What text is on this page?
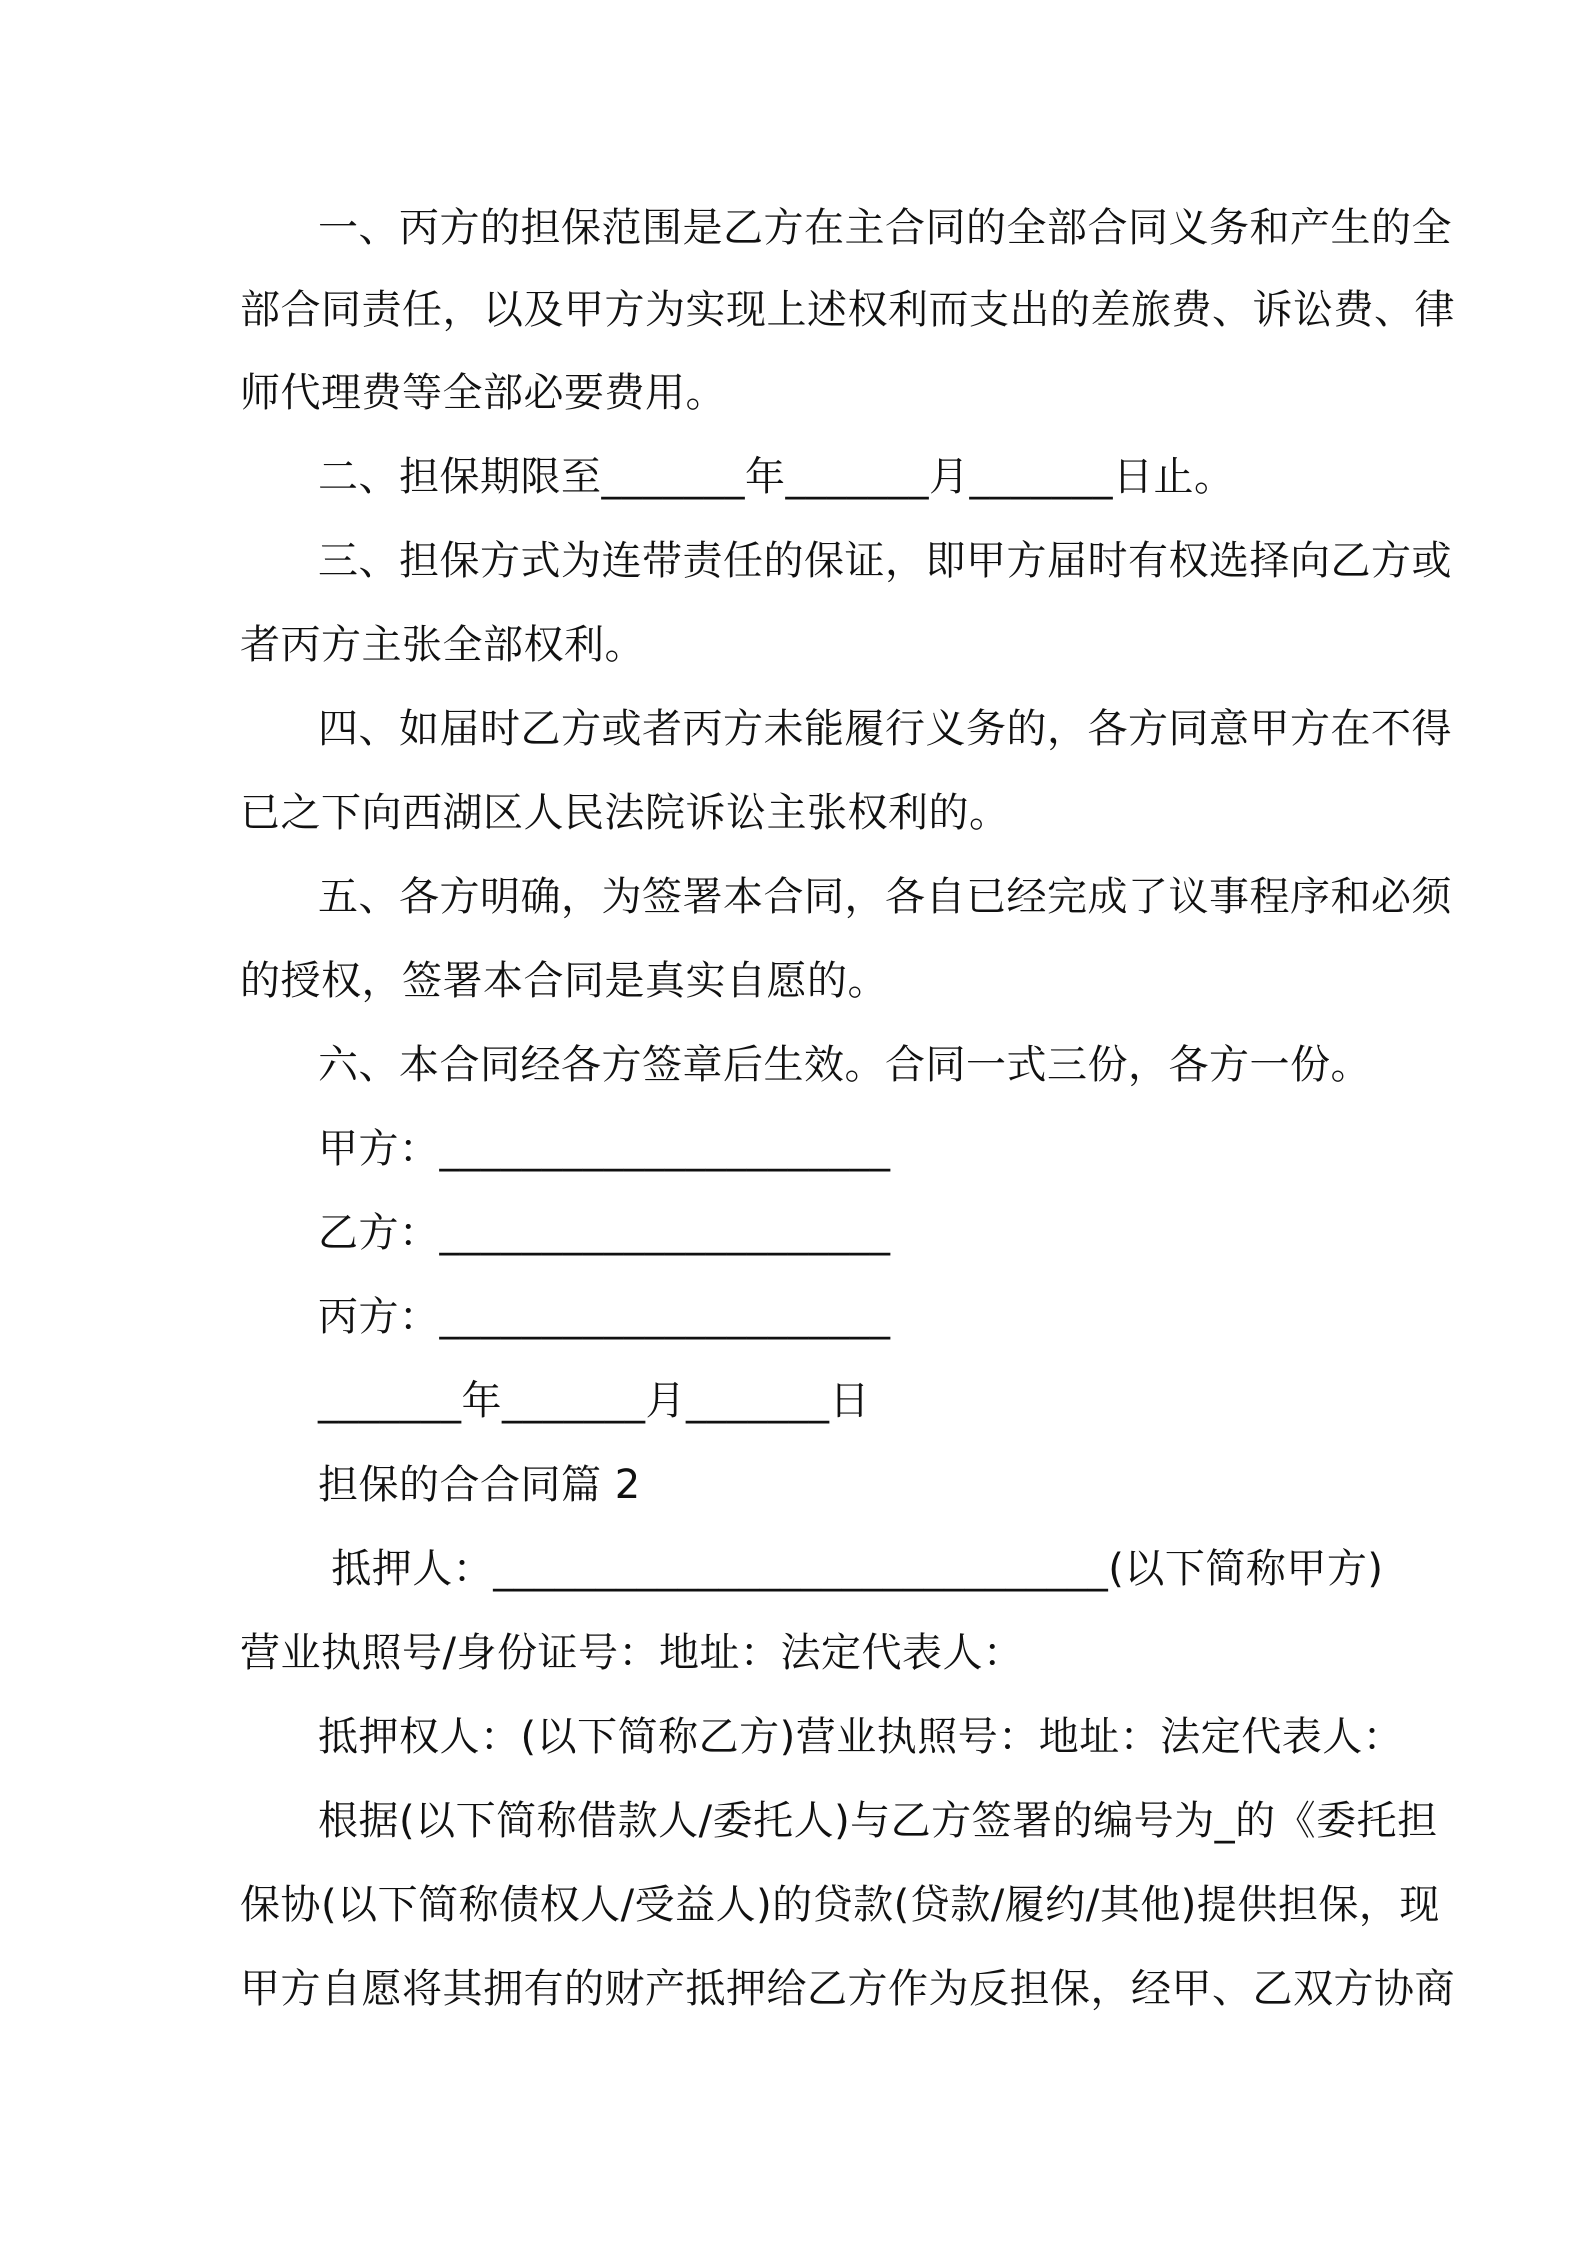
一、丙方的担保范围是乙方在主合同的全部合同义务和产生的全
部合同责任，以及甲方为实现上述权利而支出的差旅费、诉讼费、律
师代理费等全部必要费用。
二、担保期限至_______年_______月_______日止。
三、担保方式为连带责任的保证，即甲方届时有权选择向乙方或
者丙方主张全部权利。
四、如届时乙方或者丙方未能履行义务的，各方同意甲方在不得
已之下向西湖区人民法院诉讼主张权利的。
五、各方明确，为签署本合同，各自已经完成了议事程序和必须
的授权，签署本合同是真实自愿的。
六、本合同经各方签章后生效。合同一式三份，各方一份。
甲方：______________________
乙方：______________________
丙方：______________________
_______年_______月_______日
担保的合合同篇 2
抵押人：______________________________(以下简称甲方)
营业执照号/身份证号：地址：法定代表人：
抵押权人：(以下简称乙方)营业执照号：地址：法定代表人：
根据(以下简称借款人/委托人)与乙方签署的编号为_的《委托担
保协(以下简称债权人/受益人)的贷款(贷款/履约/其他)提供担保，现
甲方自愿将其拥有的财产抵押给乙方作为反担保，经甲、乙双方协商
